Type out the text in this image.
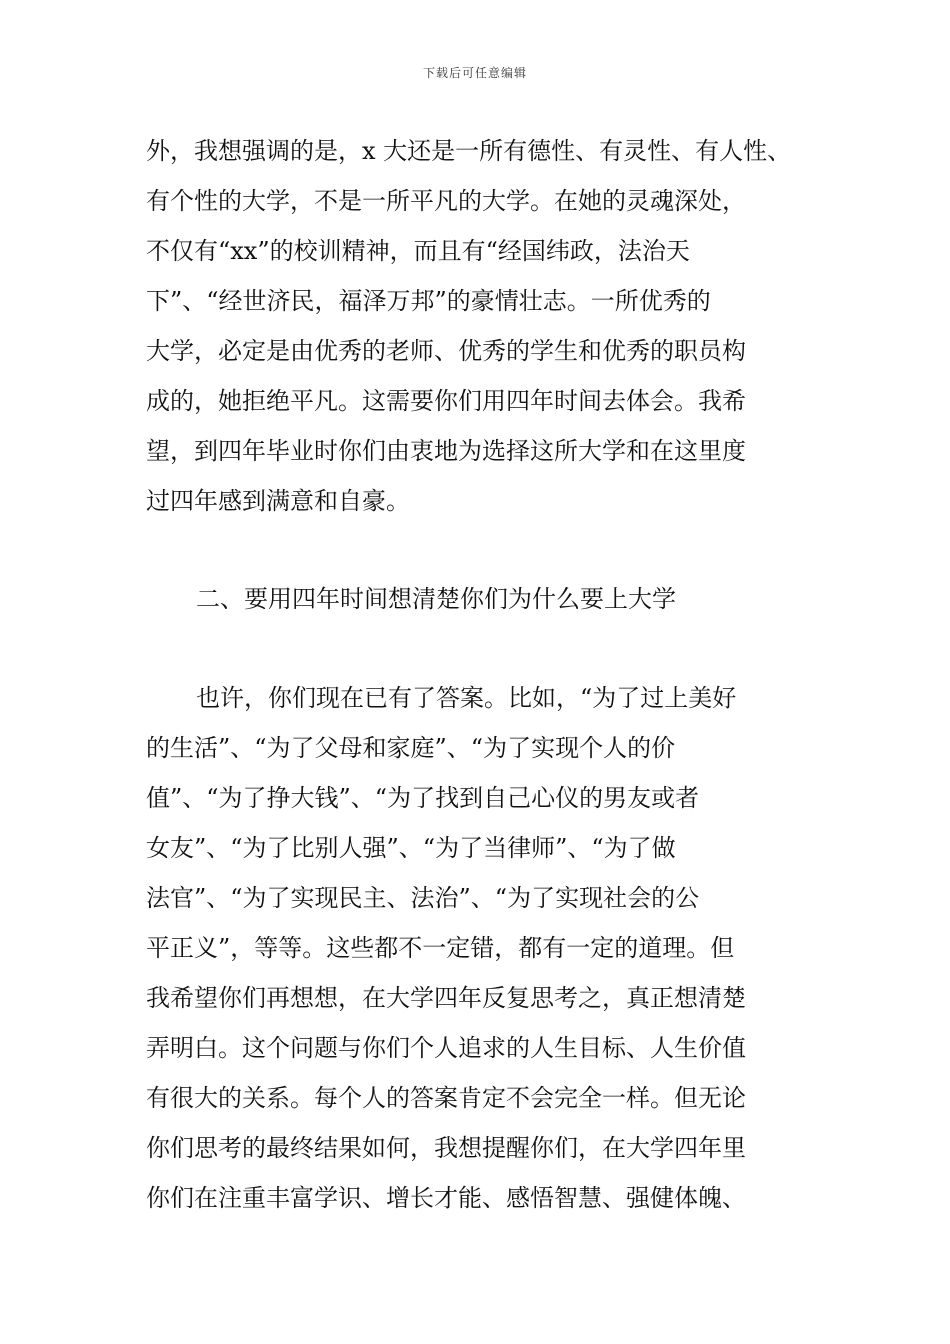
下载后可任意编辑
外，我想强调的是，x 大还是一所有德性、有灵性、有人性、
有个性的大学，不是一所平凡的大学。在她的灵魂深处，
不仅有“xx”的校训精神，而且有“经国纬政，法治天
下”、“经世济民，福泽万邦”的豪情壮志。一所优秀的
大学，必定是由优秀的老师、优秀的学生和优秀的职员构
成的，她拒绝平凡。这需要你们用四年时间去体会。我希
望，到四年毕业时你们由衷地为选择这所大学和在这里度
过四年感到满意和自豪。
二、要用四年时间想清楚你们为什么要上大学
也许，你们现在已有了答案。比如，“为了过上美好
的生活”、“为了父母和家庭”、“为了实现个人的价
值”、“为了挣大钱”、“为了找到自己心仪的男友或者
女友”、“为了比别人强”、“为了当律师”、“为了做
法官”、“为了实现民主、法治”、“为了实现社会的公
平正义”，等等。这些都不一定错，都有一定的道理。但
我希望你们再想想，在大学四年反复思考之，真正想清楚
弄明白。这个问题与你们个人追求的人生目标、人生价值
有很大的关系。每个人的答案肯定不会完全一样。但无论
你们思考的最终结果如何，我想提醒你们，在大学四年里
你们在注重丰富学识、增长才能、感悟智慧、强健体魄、
